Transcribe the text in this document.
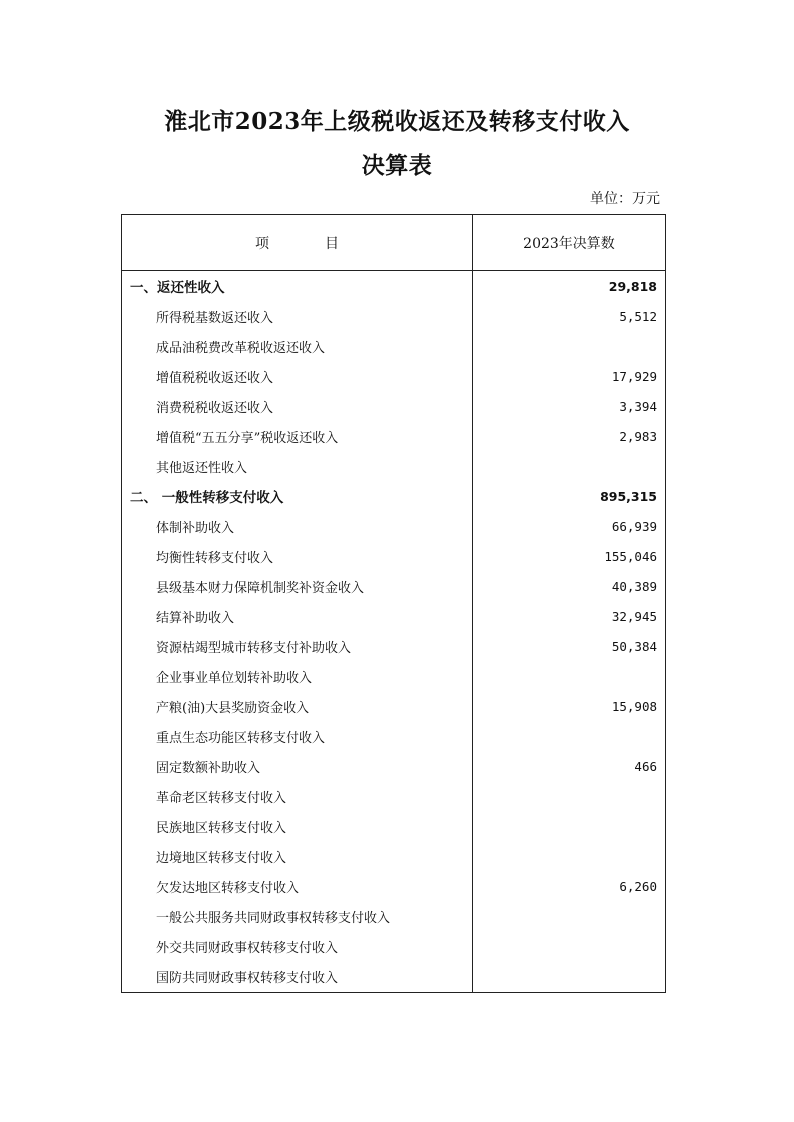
淮北市2023年上级税收返还及转移支付收入
决算表
单位：万元
项 目	2023年决算数
一、返还性收入	29,818
所得税基数返还收入	5,512
成品油税费改革税收返还收入	
增值税税收返还收入	17,929
消费税税收返还收入	3,394
增值税“五五分享”税收返还收入	2,983
其他返还性收入	
二、 一般性转移支付收入	895,315
体制补助收入	66,939
均衡性转移支付收入	155,046
县级基本财力保障机制奖补资金收入	40,389
结算补助收入	32,945
资源枯竭型城市转移支付补助收入	50,384
企业事业单位划转补助收入	
产粮(油)大县奖励资金收入	15,908
重点生态功能区转移支付收入	
固定数额补助收入	466
革命老区转移支付收入	
民族地区转移支付收入	
边境地区转移支付收入	
欠发达地区转移支付收入	6,260
一般公共服务共同财政事权转移支付收入	
外交共同财政事权转移支付收入	
国防共同财政事权转移支付收入	
